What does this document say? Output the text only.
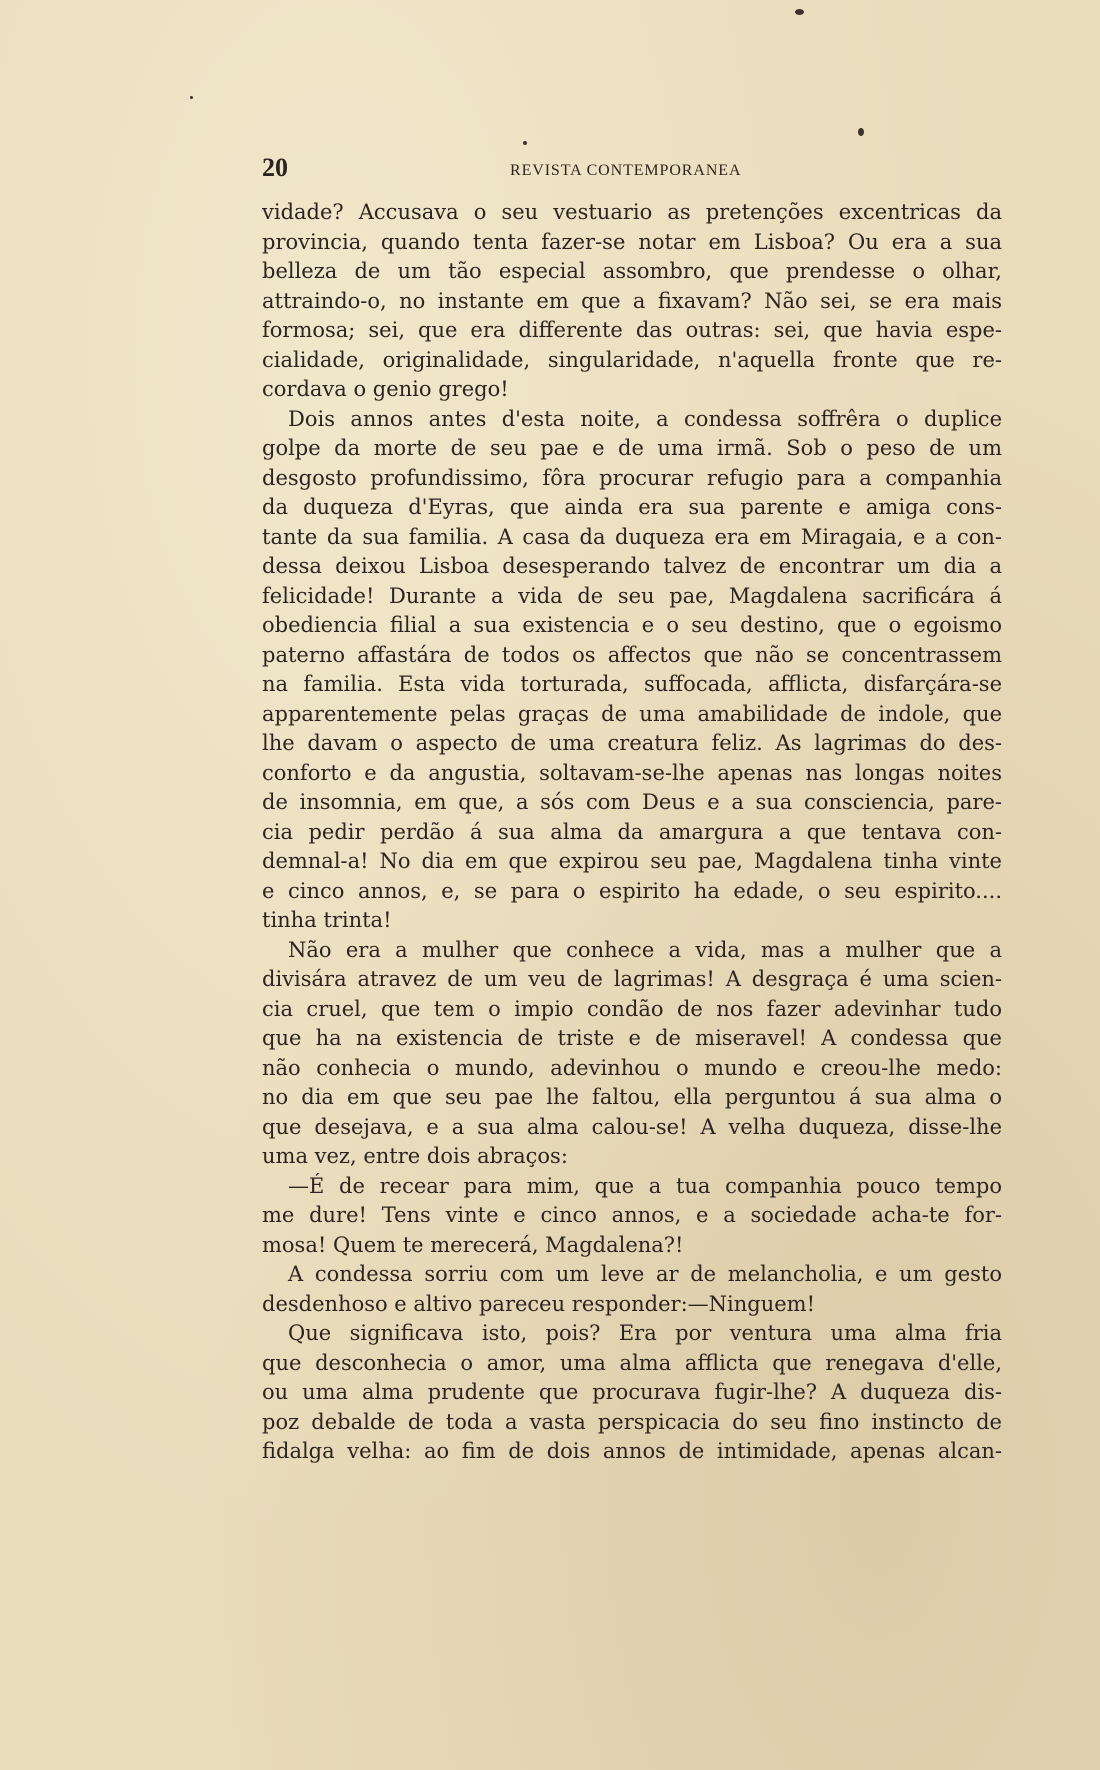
20	REVISTA CONTEMPORANEA
vidade? Accusava o seu vestuario as pretenções excentricas da
provincia, quando tenta fazer-se notar em Lisboa? Ou era a sua
belleza de um tão especial assombro, que prendesse o olhar,
attraindo-o, no instante em que a fixavam? Não sei, se era mais
formosa; sei, que era differente das outras: sei, que havia espe-
cialidade, originalidade, singularidade, n'aquella fronte que re-
cordava o genio grego!
Dois annos antes d'esta noite, a condessa soffrêra o duplice
golpe da morte de seu pae e de uma irmã. Sob o peso de um
desgosto profundissimo, fôra procurar refugio para a companhia
da duqueza d'Eyras, que ainda era sua parente e amiga cons-
tante da sua familia. A casa da duqueza era em Miragaia, e a con-
dessa deixou Lisboa desesperando talvez de encontrar um dia a
felicidade! Durante a vida de seu pae, Magdalena sacrificára á
obediencia filial a sua existencia e o seu destino, que o egoismo
paterno affastára de todos os affectos que não se concentrassem
na familia. Esta vida torturada, suffocada, afflicta, disfarçára-se
apparentemente pelas graças de uma amabilidade de indole, que
lhe davam o aspecto de uma creatura feliz. As lagrimas do des-
conforto e da angustia, soltavam-se-lhe apenas nas longas noites
de insomnia, em que, a sós com Deus e a sua consciencia, pare-
cia pedir perdão á sua alma da amargura a que tentava con-
demnal-a! No dia em que expirou seu pae, Magdalena tinha vinte
e cinco annos, e, se para o espirito ha edade, o seu espirito....
tinha trinta!
Não era a mulher que conhece a vida, mas a mulher que a
divisára atravez de um veu de lagrimas! A desgraça é uma scien-
cia cruel, que tem o impio condão de nos fazer adevinhar tudo
que ha na existencia de triste e de miseravel! A condessa que
não conhecia o mundo, adevinhou o mundo e creou-lhe medo:
no dia em que seu pae lhe faltou, ella perguntou á sua alma o
que desejava, e a sua alma calou-se! A velha duqueza, disse-lhe
uma vez, entre dois abraços:
—É de recear para mim, que a tua companhia pouco tempo
me dure! Tens vinte e cinco annos, e a sociedade acha-te for-
mosa! Quem te merecerá, Magdalena?!
A condessa sorriu com um leve ar de melancholia, e um gesto
desdenhoso e altivo pareceu responder:—Ninguem!
Que significava isto, pois? Era por ventura uma alma fria
que desconhecia o amor, uma alma afflicta que renegava d'elle,
ou uma alma prudente que procurava fugir-lhe? A duqueza dis-
poz debalde de toda a vasta perspicacia do seu fino instincto de
fidalga velha: ao fim de dois annos de intimidade, apenas alcan-
